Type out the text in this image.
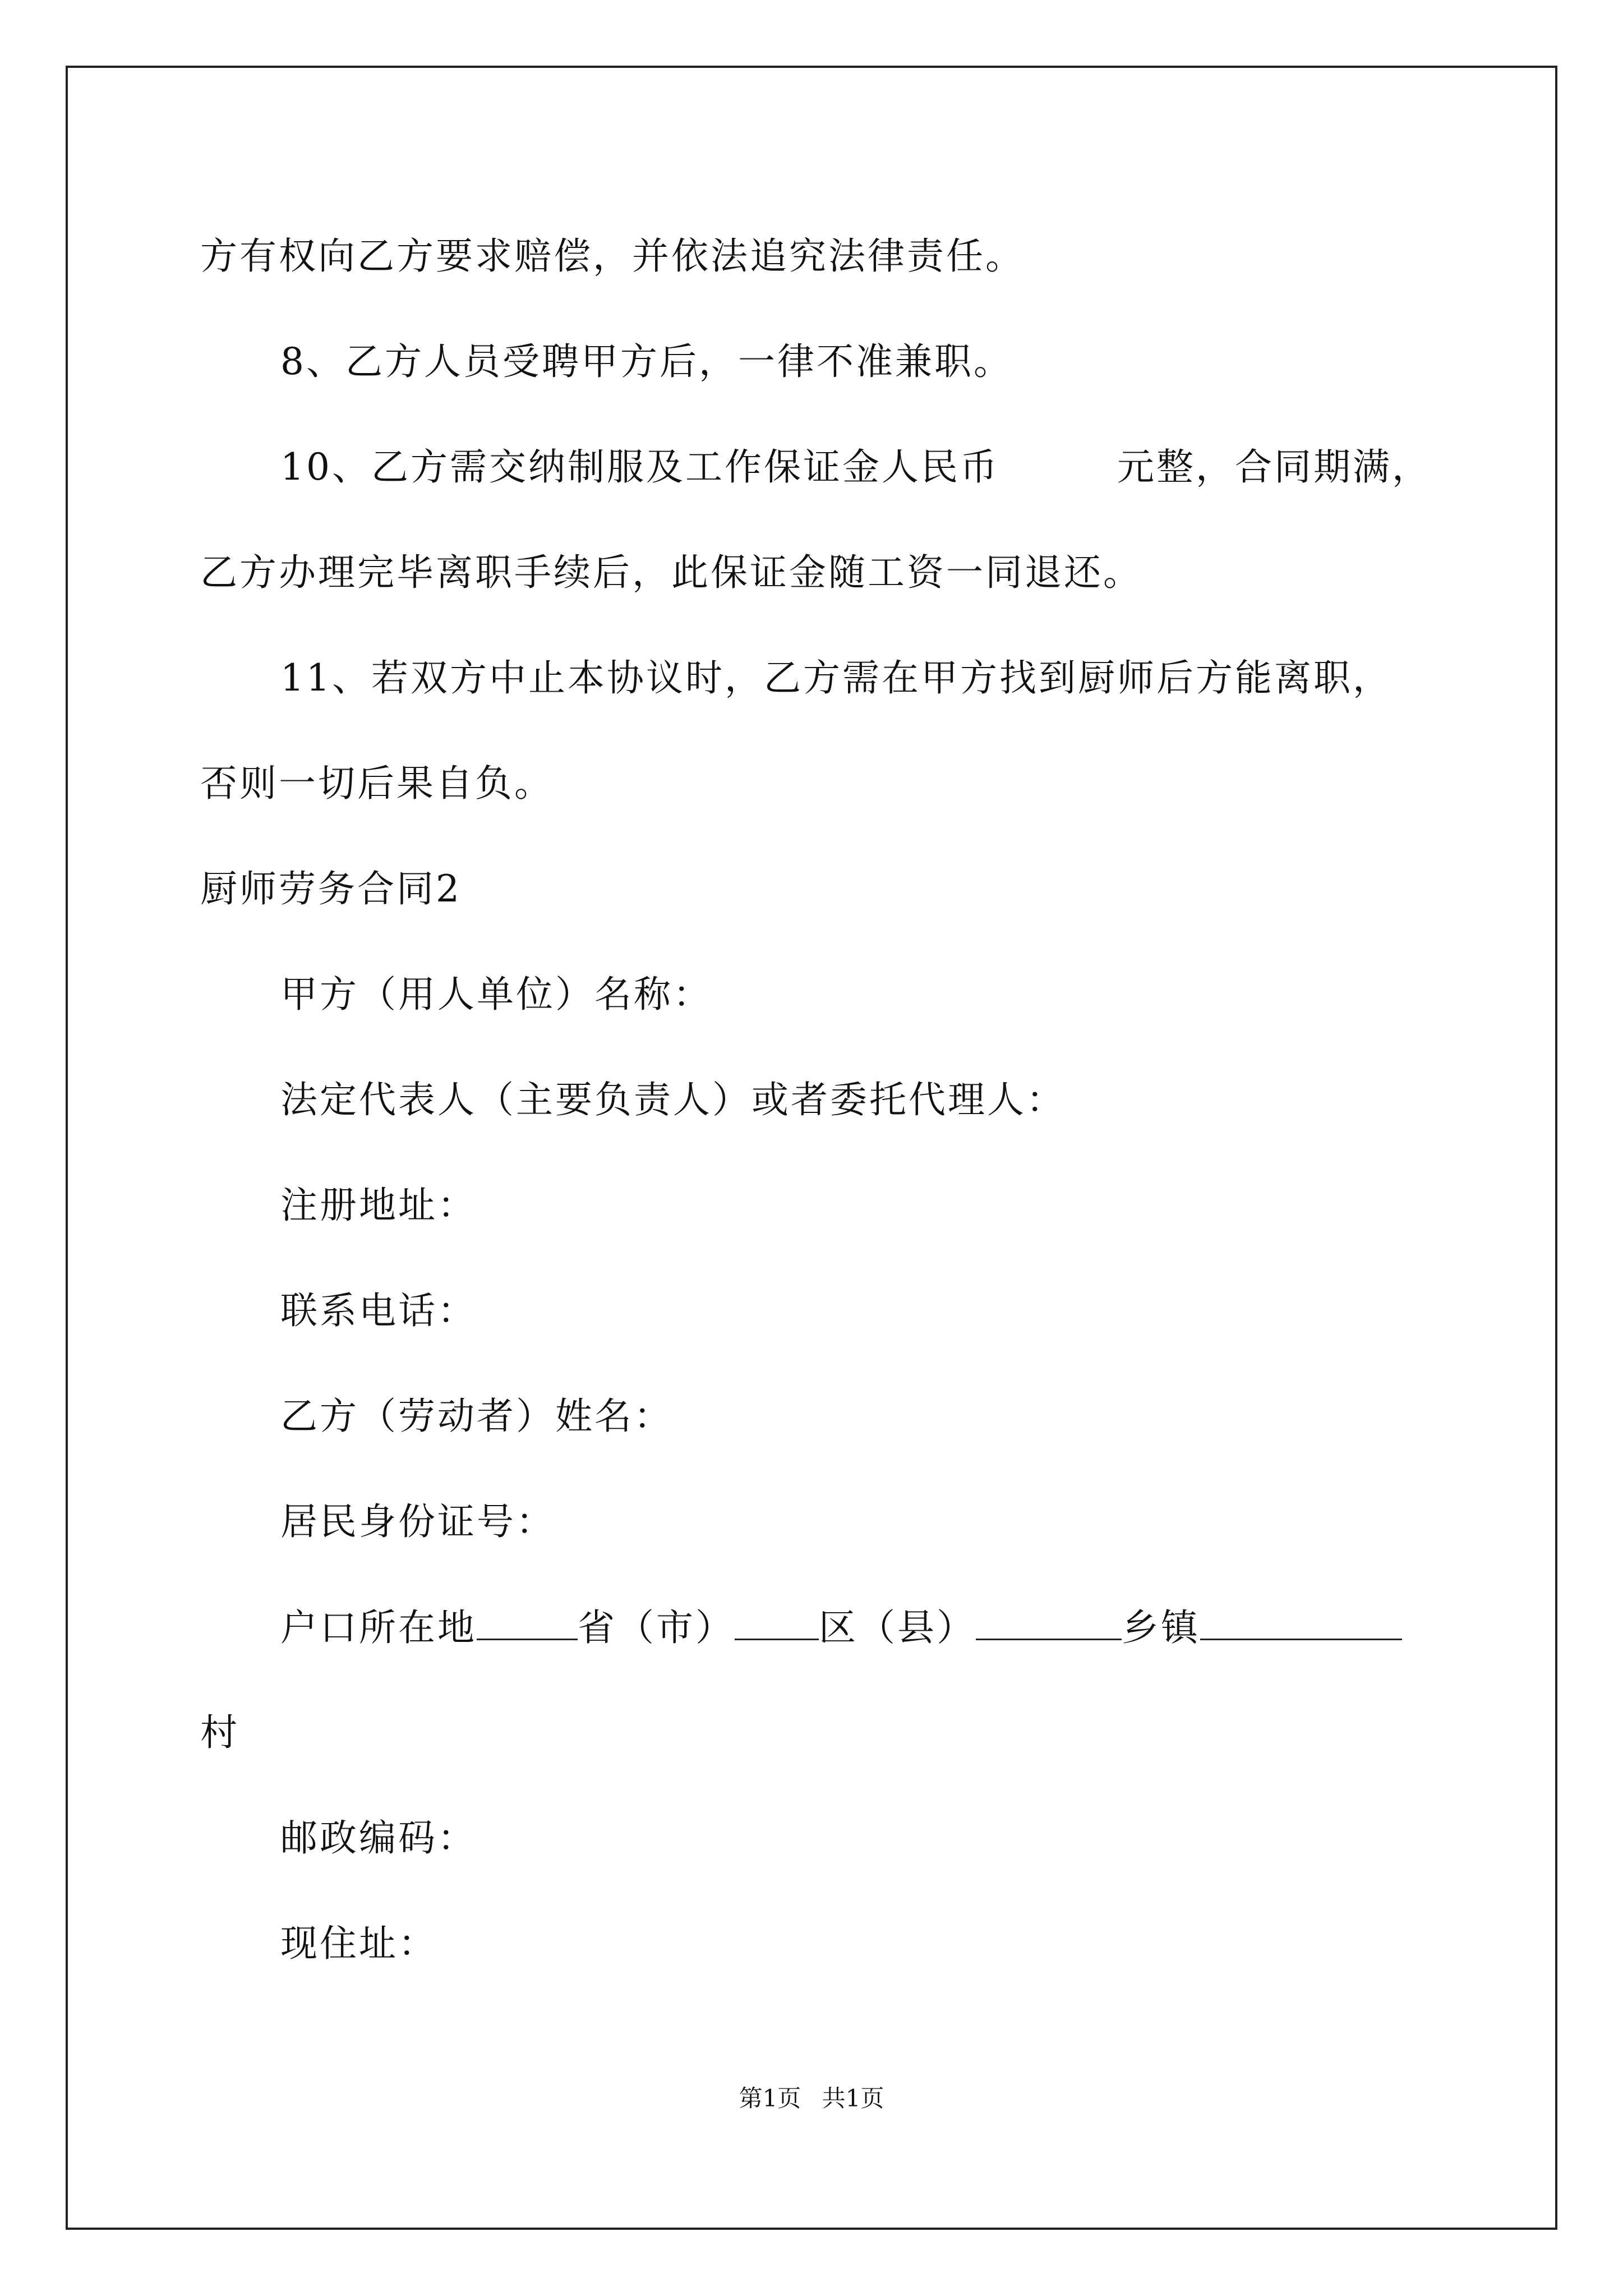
方有权向乙方要求赔偿，并依法追究法律责任。
8、乙方人员受聘甲方后，一律不准兼职。
10、乙方需交纳制服及工作保证金人民币	元整，合同期满，
乙方办理完毕离职手续后，此保证金随工资一同退还。
11、若双方中止本协议时，乙方需在甲方找到厨师后方能离职，
否则一切后果自负。
厨师劳务合同2
甲方（用人单位）名称：
法定代表人（主要负责人）或者委托代理人：
注册地址：
联系电话：
乙方（劳动者）姓名：
居民身份证号：
户口所在地	省（市） 区（县）	乡镇
村
邮政编码：
现住址：
第1页 共1页
